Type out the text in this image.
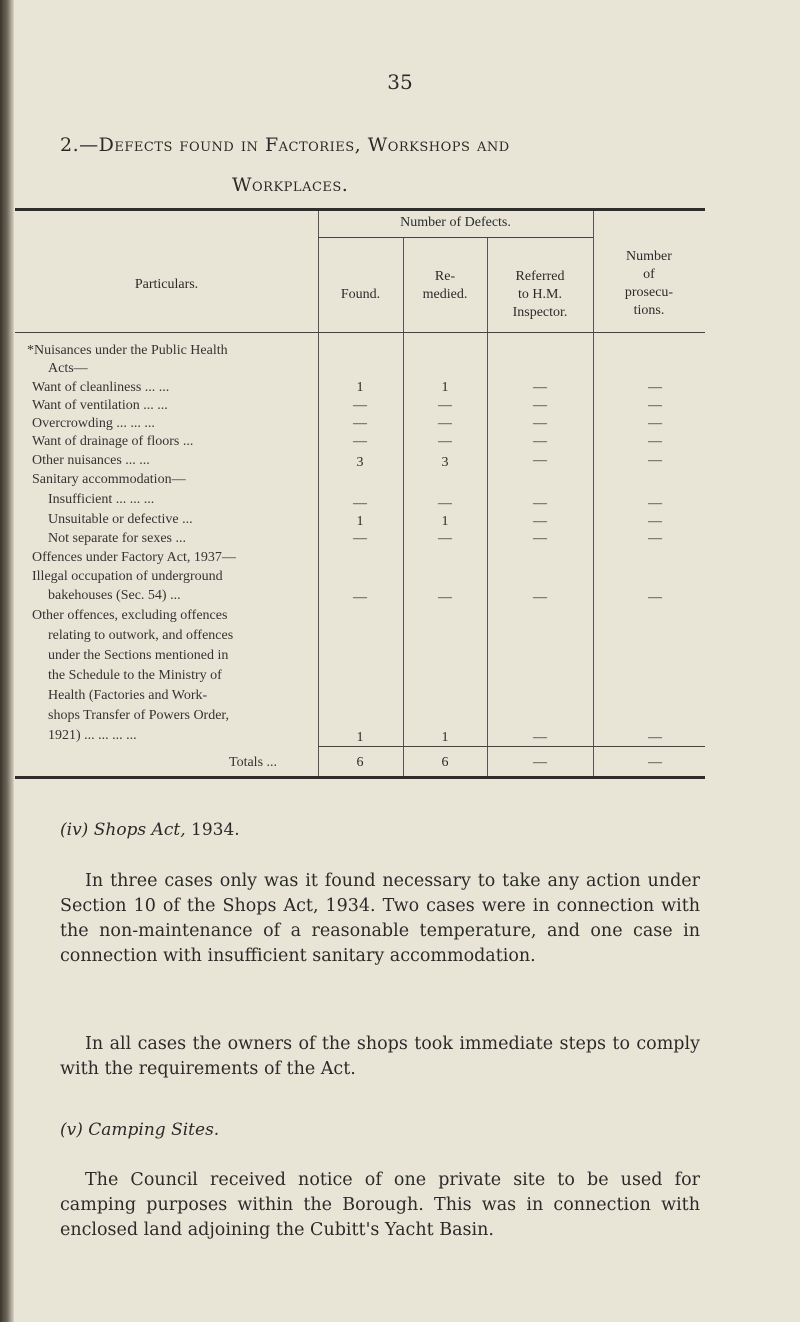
35
2.—Defects found in Factories, Workshops and
Workplaces.
Particulars.
Number of Defects.
Found.
Re-
medied.
Referred
to H.M.
Inspector.
Number
of
prosecu-
tions.
*Nuisances under the Public Health
Acts—
Want of cleanliness ... ...	1	1	—	—
Want of ventilation ... ...	—	—	—	—
Overcrowding ... ... ...	—	—	—	—
Want of drainage of floors ...	—	—	—	—
Other nuisances ... ...	3	3	—	—
Sanitary accommodation—
Insufficient ... ... ...	—	—	—	—
Unsuitable or defective ...	1	1	—	—
Not separate for sexes ...	—	—	—	—
Offences under Factory Act, 1937—
Illegal occupation of underground
bakehouses (Sec. 54) ...	—	—	—	—
Other offences, excluding offences
relating to outwork, and offences
under the Sections mentioned in
the Schedule to the Ministry of
Health (Factories and Work-
shops Transfer of Powers Order,
1921) ... ... ... ...	1	1	—	—
Totals ...	6	6	—	—
(iv) Shops Act, 1934.
In three cases only was it found necessary to take any action under Section 10 of the Shops Act, 1934. Two cases were in connection with the non-maintenance of a reasonable temperature, and one case in connection with insufficient sanitary accommodation.
In all cases the owners of the shops took immediate steps to comply with the requirements of the Act.
(v) Camping Sites.
The Council received notice of one private site to be used for camping purposes within the Borough. This was in connection with enclosed land adjoining the Cubitt's Yacht Basin.
